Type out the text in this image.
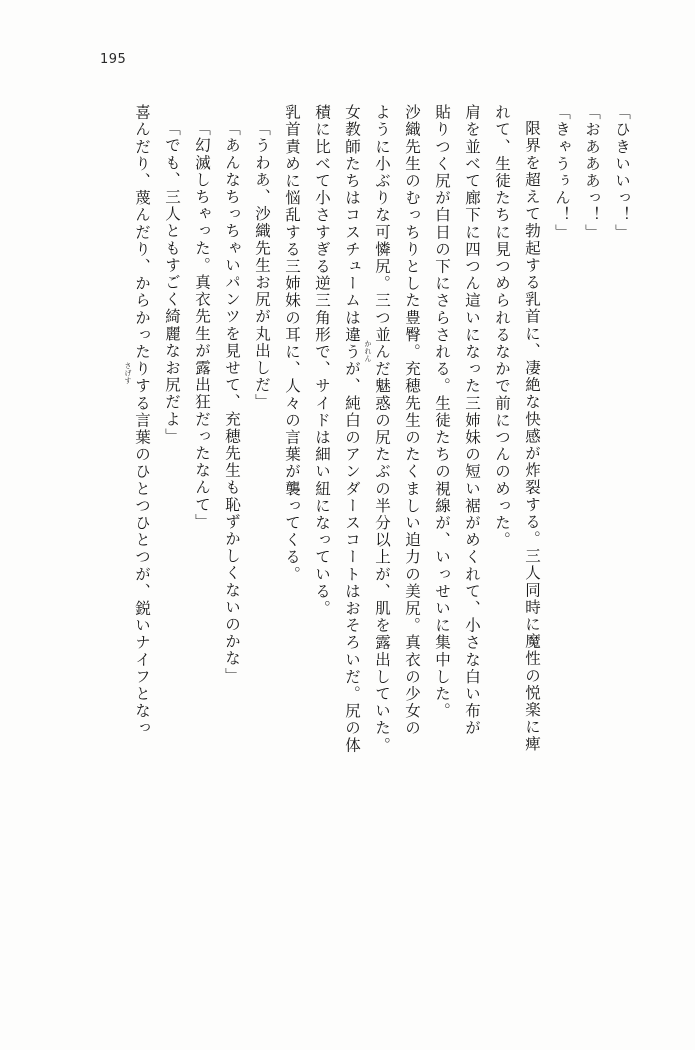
195
「ひきいいっ！」
「おあああっ！」
「きゃうぅん！」
限界を超えて勃起する乳首に、凄絶な快感が炸裂する。三人同時に魔性の悦楽に痺
れて、生徒たちに見つめられるなかで前につんのめった。
肩を並べて廊下に四つん這いになった三姉妹の短い裾がめくれて、小さな白い布が
貼りつく尻が白日の下にさらされる。生徒たちの視線が、いっせいに集中した。
沙織先生のむっちりとした豊臀。充穂先生のたくましい迫力の美尻。真衣の少女の
ように小ぶりな可憐尻。三つ並んだ魅惑の尻たぶの半分以上が、肌を露出していた。
かれん
女教師たちはコスチュームは違うが、純白のアンダースコートはおそろいだ。尻の体
積に比べて小さすぎる逆三角形で、サイドは細い紐になっている。
乳首責めに悩乱する三姉妹の耳に、人々の言葉が襲ってくる。
「うわあ、沙織先生お尻が丸出しだ」
「あんなちっちゃいパンツを見せて、充穂先生も恥ずかしくないのかな」
「幻滅しちゃった。真衣先生が露出狂だったなんて」
「でも、三人ともすごく綺麗なお尻だよ」
喜んだり、蔑んだり、からかったりする言葉のひとつひとつが、鋭いナイフとなっ
さげす
